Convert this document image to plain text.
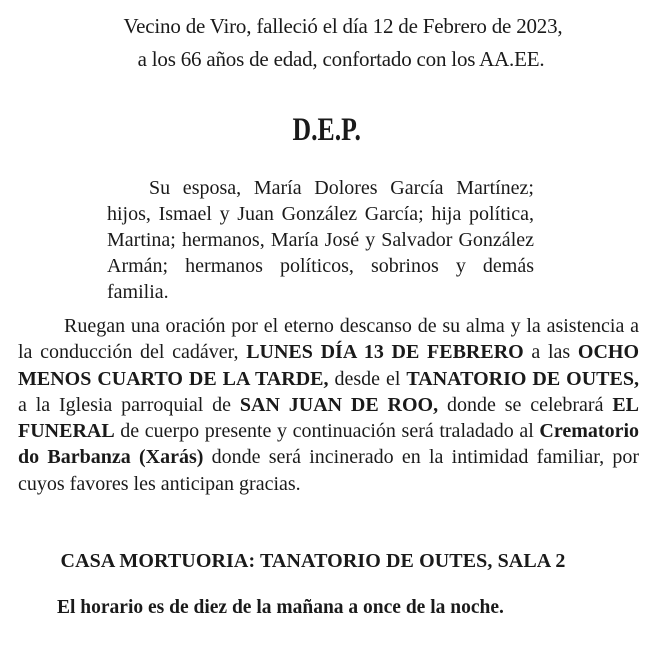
Vecino de Viro, falleció el día 12 de Febrero de 2023,
a los 66 años de edad, confortado con los AA.EE.
D.E.P.

Su esposa, María Dolores García Martínez; hijos, Ismael y Juan González García; hija política, Martina; hermanos, María José y Salvador González Armán; hermanos políticos, sobrinos y demás familia.

Ruegan una oración por el eterno descanso de su alma y la asistencia a la conducción del cadáver, LUNES DÍA 13 DE FEBRERO a las OCHO MENOS CUARTO DE LA TARDE, desde el TANATORIO DE OUTES, a la Iglesia parroquial de SAN JUAN DE ROO, donde se celebrará EL FUNERAL de cuerpo presente y continuación será traladado al Crematorio do Barbanza (Xarás) donde será incinerado en la intimidad familiar, por cuyos favores les anticipan gracias.

CASA MORTUORIA: TANATORIO DE OUTES, SALA 2
El horario es de diez de la mañana a once de la noche.
